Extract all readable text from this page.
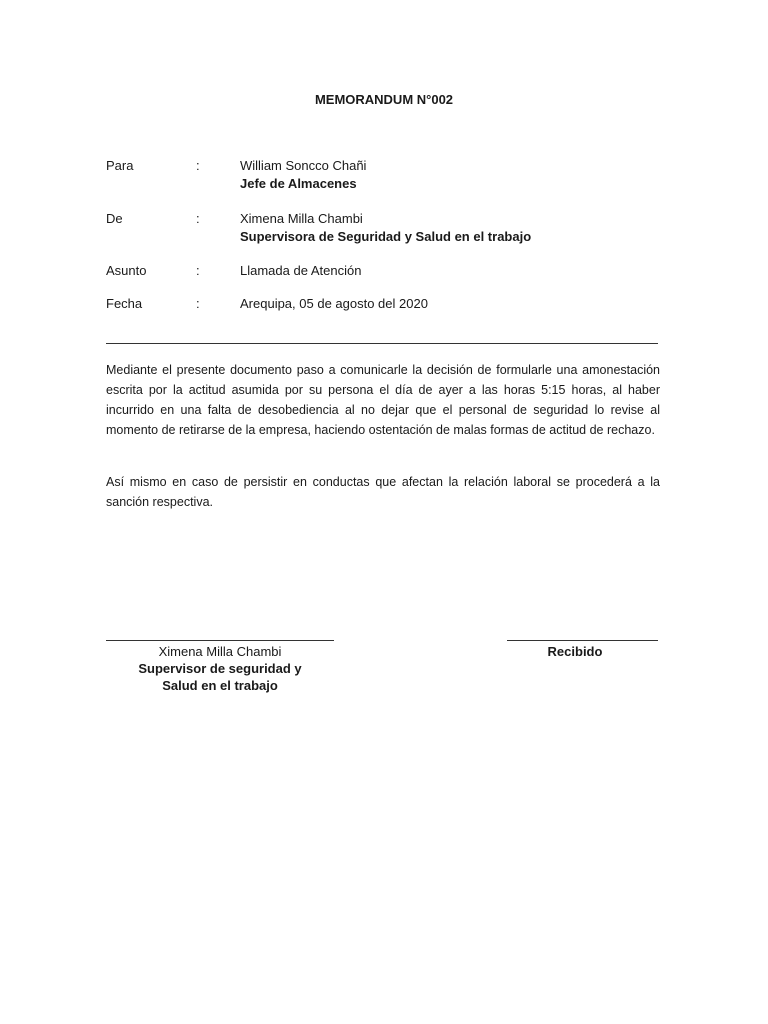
MEMORANDUM N°002
Para	:	William Soncco Chañi
Jefe de Almacenes
De	:	Ximena Milla Chambi
Supervisora de Seguridad y Salud en el trabajo
Asunto	:	Llamada de Atención
Fecha	:	Arequipa, 05 de agosto del 2020
Mediante el presente documento paso a comunicarle la decisión de formularle una amonestación escrita por la actitud asumida por su persona el día de ayer a las horas 5:15 horas, al haber incurrido en una falta de desobediencia al no dejar que el personal de seguridad lo revise al momento de retirarse de la empresa, haciendo ostentación de malas formas de actitud de rechazo.
Así mismo en caso de persistir en conductas que afectan la relación laboral se procederá a la sanción respectiva.
Ximena Milla Chambi
Supervisor de seguridad y
Salud en el trabajo
Recibido
